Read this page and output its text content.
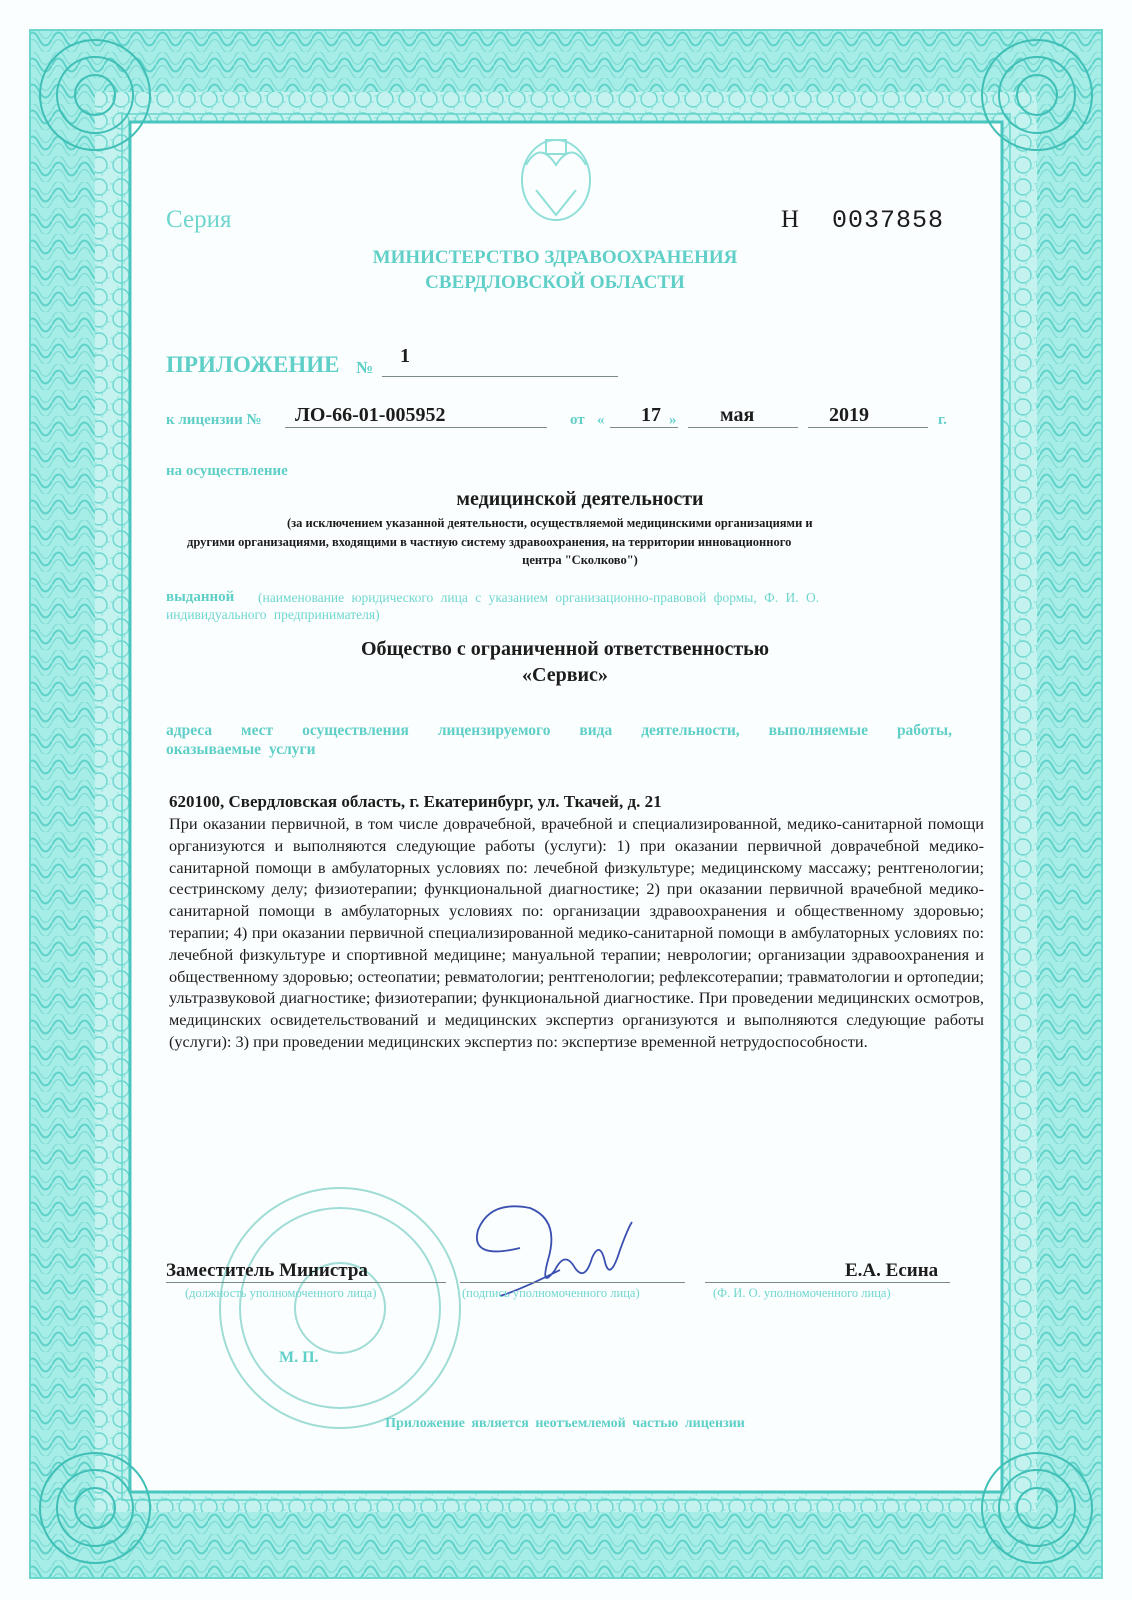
Серия	Н 0037858
МИНИСТЕРСТВО ЗДРАВООХРАНЕНИЯ
СВЕРДЛОВСКОЙ ОБЛАСТИ
ПРИЛОЖЕНИЕ №
1
к лицензии № ЛО-66-01-005952	от « 17 » мая	2019	г.
на осуществление
медицинской деятельности
(за исключением указанной деятельности, осуществляемой медицинскими организациями и
другими организациями, входящими в частную систему здравоохранения, на территории инновационного
центра "Сколково")
выданной (наименование юридического лица с указанием организационно-правовой формы, Ф. И. О.
индивидуального предпринимателя)
Общество с ограниченной ответственностью
«Сервис»
адреса мест осуществления лицензируемого вида деятельности, выполняемые работы,
оказываемые услуги
620100, Свердловская область, г. Екатеринбург, ул. Ткачей, д. 21
При оказании первичной, в том числе доврачебной, врачебной и специализированной, медико-санитарной помощи организуются и выполняются следующие работы (услуги): 1) при оказании первичной доврачебной медико-санитарной помощи в амбулаторных условиях по: лечебной физкультуре; медицинскому массажу; рентгенологии; сестринскому делу; физиотерапии; функциональной диагностике; 2) при оказании первичной врачебной медико-санитарной помощи в амбулаторных условиях по: организации здравоохранения и общественному здоровью; терапии; 4) при оказании первичной специализированной медико-санитарной помощи в амбулаторных условиях по: лечебной физкультуре и спортивной медицине; мануальной терапии; неврологии; организации здравоохранения и общественному здоровью; остеопатии; ревматологии; рентгенологии; рефлексотерапии; травматологии и ортопедии; ультразвуковой диагностике; физиотерапии; функциональной диагностике. При проведении медицинских осмотров, медицинских освидетельствований и медицинских экспертиз организуются и выполняются следующие работы (услуги): 3) при проведении медицинских экспертиз по: экспертизе временной нетрудоспособности.
Заместитель Министра
(должность уполномоченного лица)	(подпись уполномоченного лица)
Е.А. Есина
(Ф. И. О. уполномоченного лица)
М. П.
Приложение является неотъемлемой частью лицензии
